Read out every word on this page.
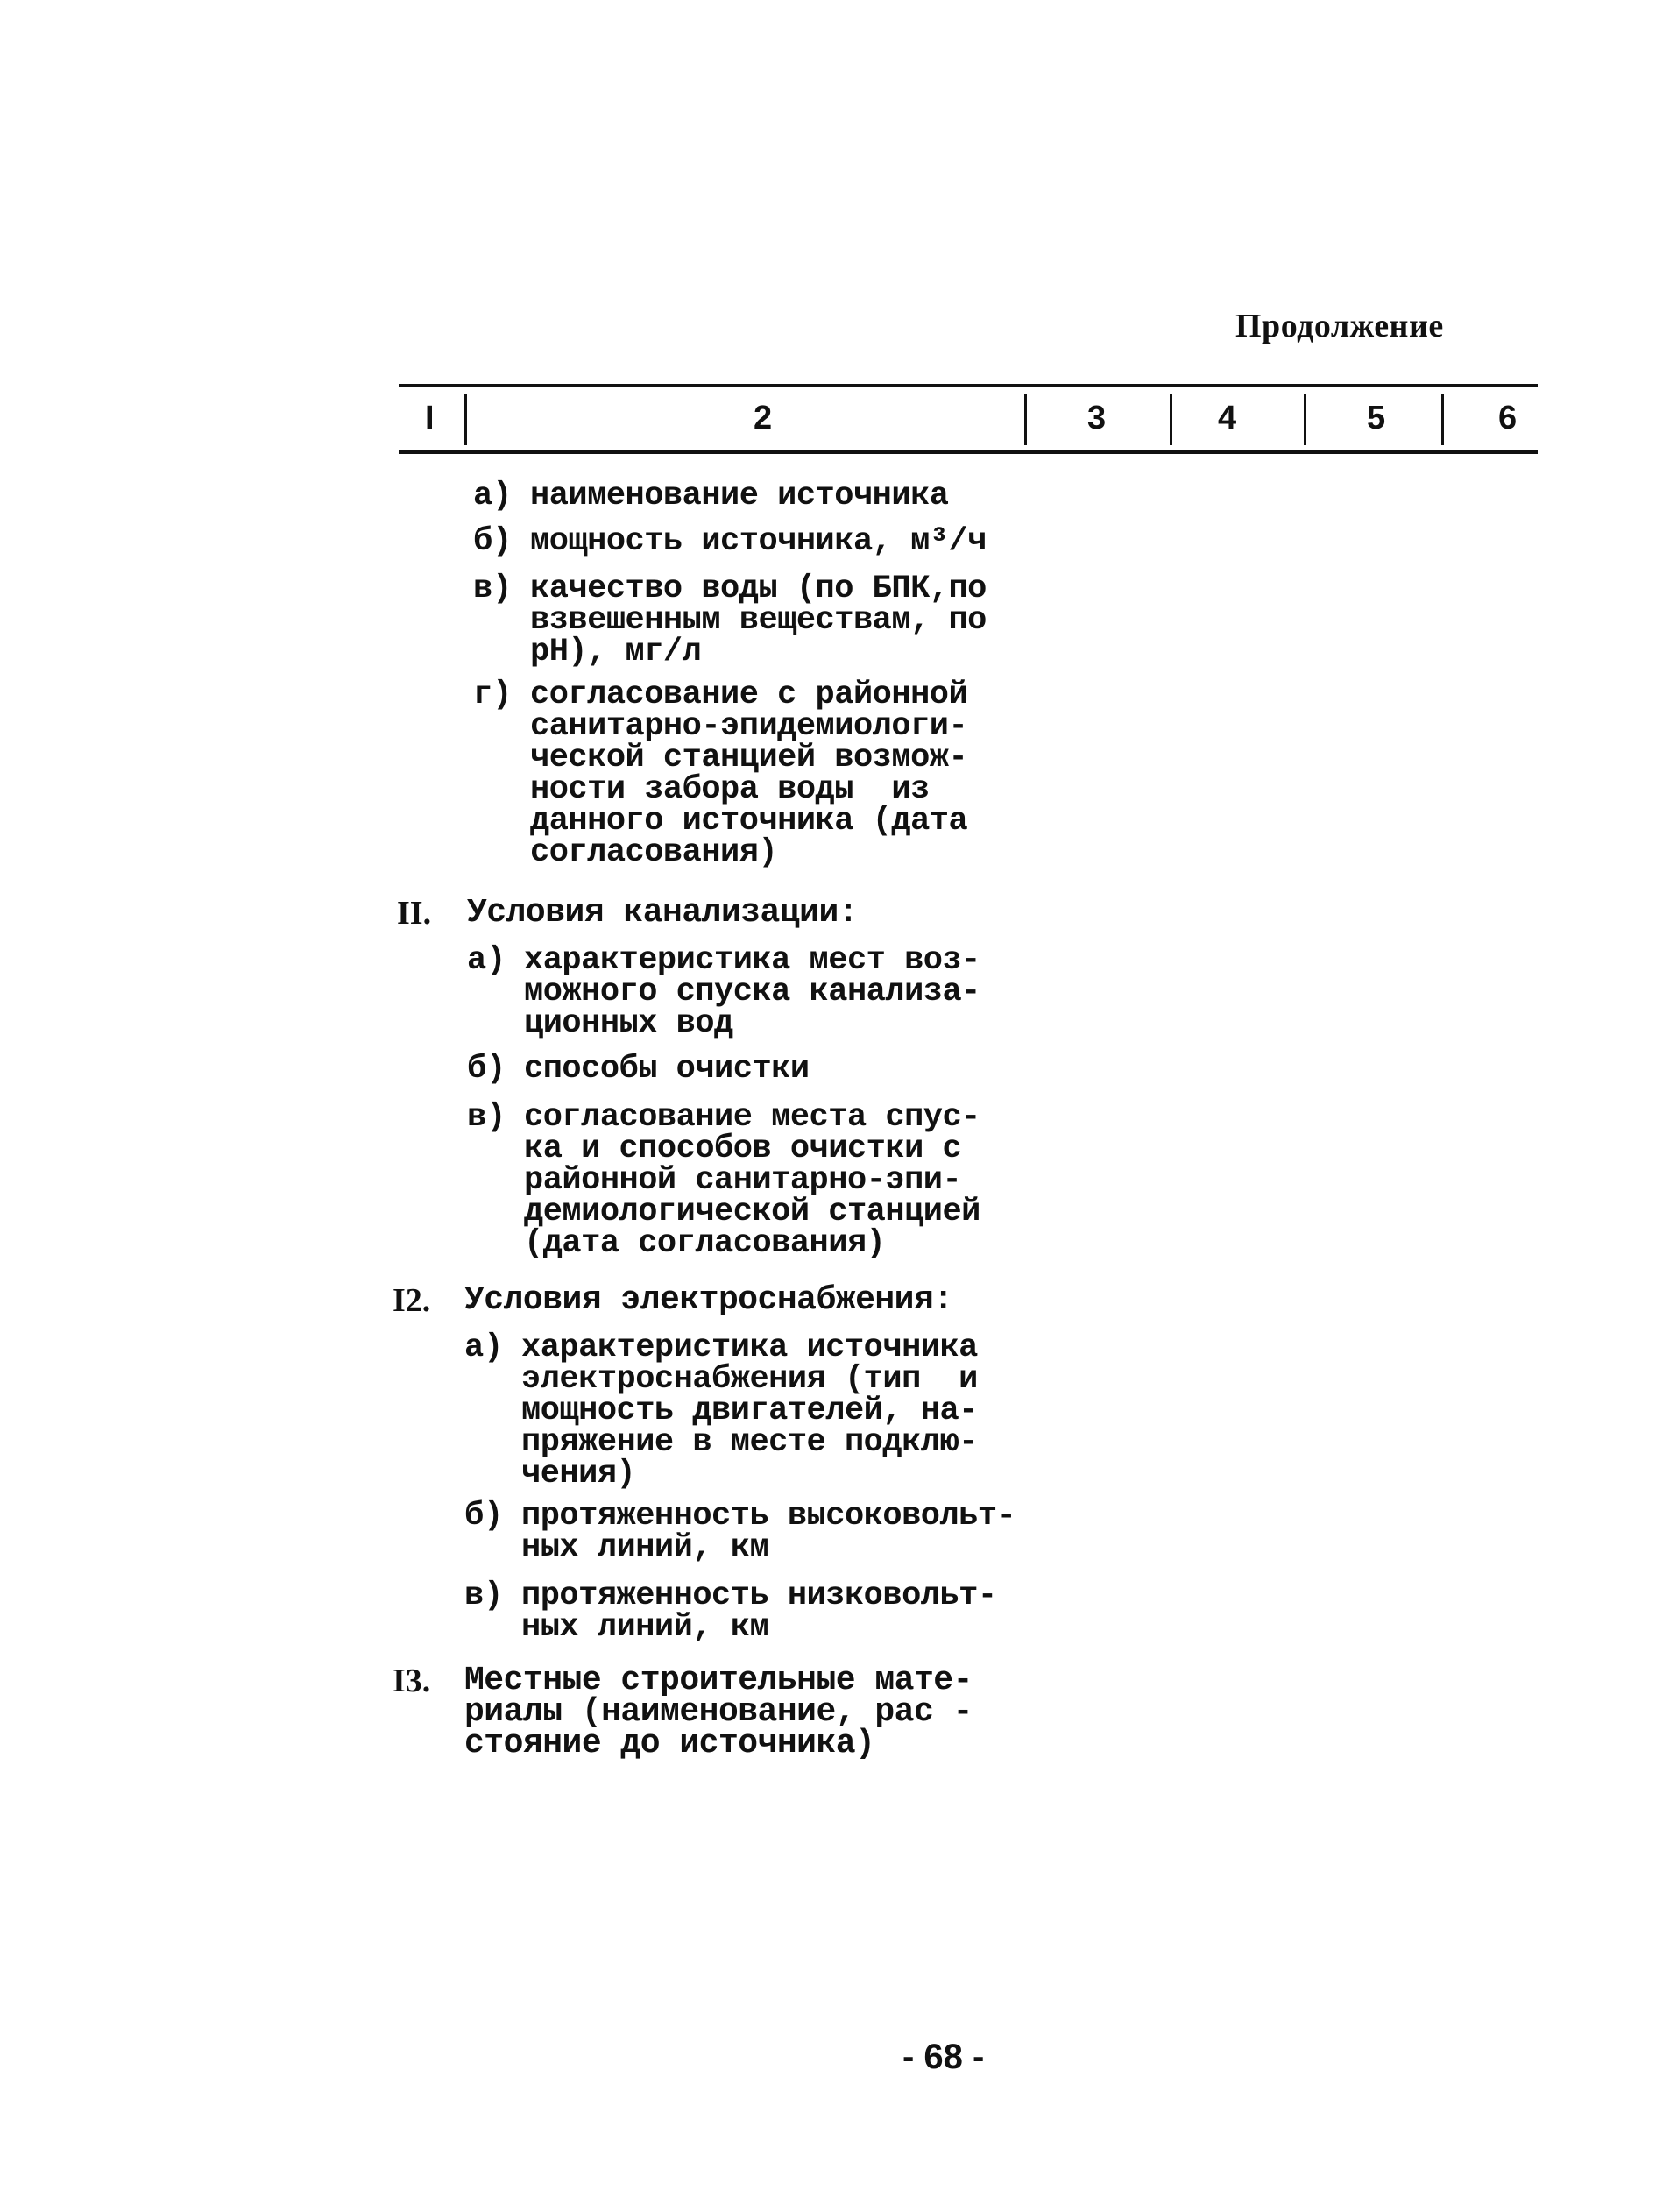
Продолжение
I	2	3	4	5	6
а) наименование источника
б) мощность источника, м³/ч
в) качество воды (по БПК,по
взвешенным веществам, по
рН), мг/л
г) согласование с районной
санитарно-эпидемиологи-
ческой станцией возмож-
ности забора воды  из
данного источника (дата
согласования)
II. Условия канализации:
а) характеристика мест воз-
можного спуска канализа-
ционных вод
б) способы очистки
в) согласование места спус-
ка и способов очистки с
районной санитарно-эпи-
демиологической станцией
(дата согласования)
I2. Условия электроснабжения:
а) характеристика источника
электроснабжения (тип  и
мощность двигателей, на-
пряжение в месте подклю-
чения)
б) протяженность высоковольт-
ных линий, км
в) протяженность низковольт-
ных линий, км
I3. Местные строительные мате-
риалы (наименование, рас -
стояние до источника)
- 68 -
